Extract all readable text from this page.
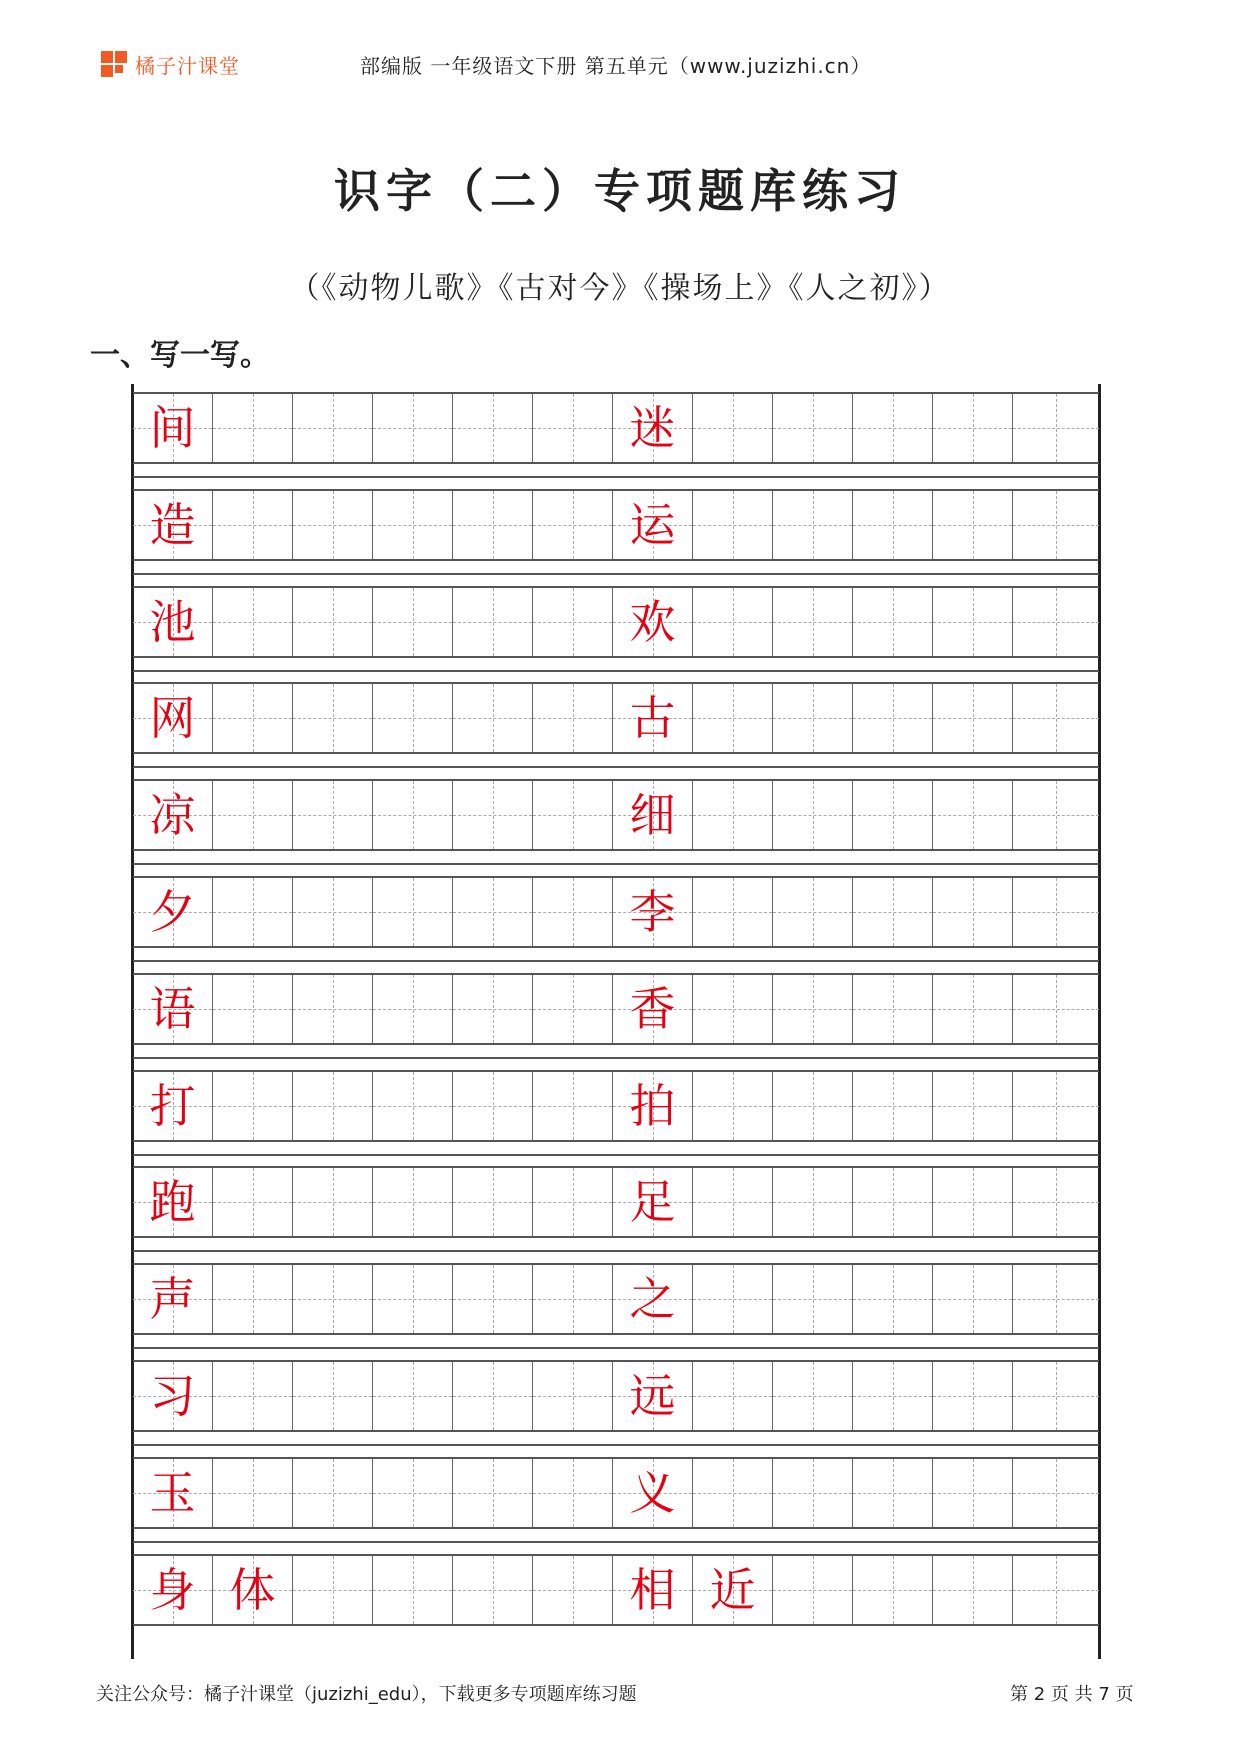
橘子汁课堂	部编版 一年级语文下册 第五单元（www.juzizhi.cn）
识字（二）专项题库练习
（《动物儿歌》《古对今》《操场上》《人之初》）
一、写一写。
间	迷
造	运
池	欢
网	古
凉	细
夕	李
语	香
打	拍
跑	足
声	之
习	远
玉	义
身 体	相 近
关注公众号：橘子汁课堂（juzizhi_edu），下载更多专项题库练习题	第 2 页 共 7 页
